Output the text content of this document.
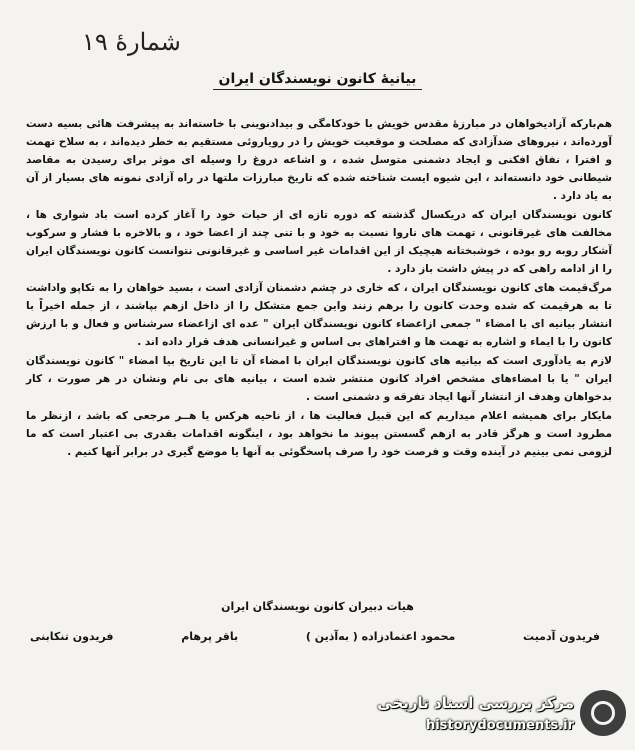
شمارهٔ ۱۹
بیانیهٔ کانون نویسندگان ایران

هم‌بارکه آزادیخواهان در مبارزهٔ مقدس خویش با خودکامگی و بیدادنوینی با خاسته‌اند به پیشرفت هائی بسیه دست آورده‌اند ، نیروهای ضدآزادی که مصلحت و موقعیت خویش را در رویاروئی مستقیم به خطر دیده‌اند ، به سلاح تهمت و افترا ، نفاق افکنی و ایجاد دشمنی متوسل شده ، و اشاعه دروغ را وسیله ای موثر برای رسیدن به مقاصد شیطانی خود دانسته‌اند ، این شیوه ایست شناخته شده که تاریخ مبارزات ملتها در راه آزادی نمونه های بسیار از آن به یاد دارد .

کانون نویسندگان ایران که دریکسال گذشته که دوره تازه ای از حیات خود را آغاز کرده است باد شواری ها ، مخالفت های غیرقانونی ، تهمت های ناروا نسبت به خود و با تنی چند از اعضا خود ، و بالاخره با فشار و سرکوب آشکار روبه رو بوده ، خوشبختانه هیچیک از این اقدامات غیر اساسی و غیرقانونی نتوانست کانون نویسندگان ایران را از ادامه راهی که در پیش داشت باز دارد .

مرگ‌قیمت های کانون نویسندگان ایران ، که خاری در چشم دشمنان آزادی است ، بسید خواهان را به تکاپو واداشت تا به هرقیمت که شده وحدت کانون را برهم زنند واین جمع متشکل را از داخل ازهم بپاشند ، از جمله اخیراً با انتشار بیانیه ای با امضاء " جمعی ازاعضاء کانون نویسندگان ایران " عده ای ازاعضاء سرشناس و فعال و با ارزش کانون را با ایماء و اشاره به تهمت ها و افتراهای بی اساس و غیرانسانی هدف قرار داده اند .

لازم به یادآوری است که بیانیه های کانون نویسندگان ایران با امضاء آن تا این تاریخ بیا امضاء " کانون نویسندگان ایران " یا با امضاءهای مشخص افراد کانون منتشر شده است ، بیانیه های بی نام ونشان در هر صورت ، کار بدخواهان وهدف از انتشار آنها ایجاد تفرقه و دشمنی است .

مایکار برای همیشه اعلام میداریم که این قبیل فعالیت ها ، از ناحیه هرکس یا هــر مرجعی که باشد ، ازنظر ما مطرود است و هرگز قادر به ازهم گسستن پیوند ما نخواهد بود ، اینگونه اقدامات بقدری بی اعتبار است که ما لزومی نمی بینیم در آینده وقت و فرصت خود را صرف پاسخگوئی به آنها یا موضع گیری در برابر آنها کنیم .

هیات دبیران کانون نویسندگان ایران
فریدون آدمیت
محمود اعتمادزاده ( به‌آذین )
باقر پرهام
فریدون تنکابنی
مرکز بررسی اسناد تاریخی
historydocuments.ir
